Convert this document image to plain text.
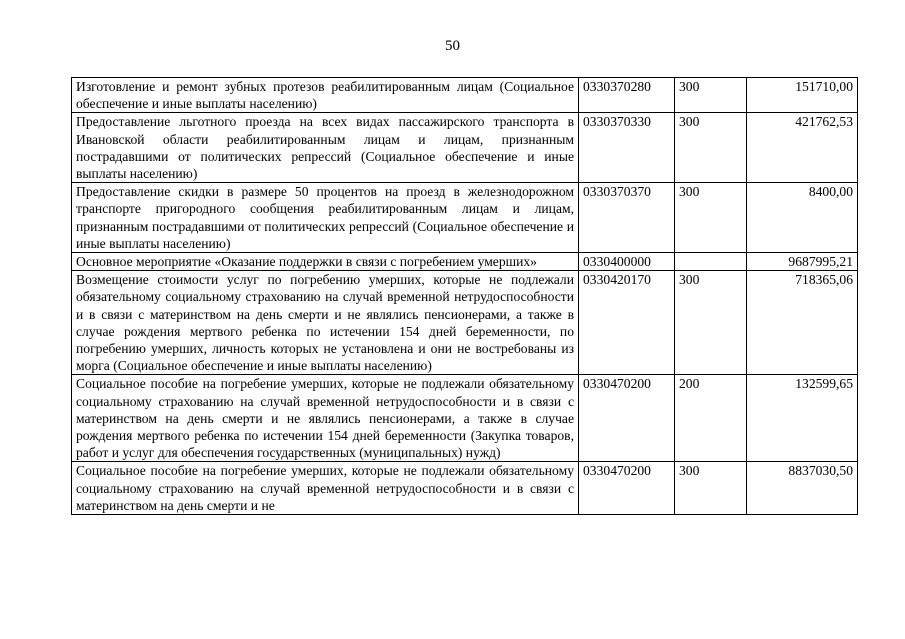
50
Изготовление и ремонт зубных протезов реабилитированным лицам (Социальное обеспечение и иные выплаты населению)	0330370280	300	151710,00
Предоставление льготного проезда на всех видах пассажирского транспорта в Ивановской области реабилитированным лицам и лицам, признанным пострадавшими от политических репрессий (Социальное обеспечение и иные выплаты населению)	0330370330	300	421762,53
Предоставление скидки в размере 50 процентов на проезд в железнодорожном транспорте пригородного сообщения реабилитированным лицам и лицам, признанным пострадавшими от политических репрессий (Социальное обеспечение и иные выплаты населению)	0330370370	300	8400,00
Основное мероприятие «Оказание поддержки в связи с погребением умерших»	0330400000		9687995,21
Возмещение стоимости услуг по погребению умерших, которые не подлежали обязательному социальному страхованию на случай временной нетрудоспособности и в связи с материнством на день смерти и не являлись пенсионерами, а также в случае рождения мертвого ребенка по истечении 154 дней беременности, по погребению умерших, личность которых не установлена и они не востребованы из морга (Социальное обеспечение и иные выплаты населению)	0330420170	300	718365,06
Социальное пособие на погребение умерших, которые не подлежали обязательному социальному страхованию на случай временной нетрудоспособности и в связи с материнством на день смерти и не являлись пенсионерами, а также в случае рождения мертвого ребенка по истечении 154 дней беременности (Закупка товаров, работ и услуг для обеспечения государственных (муниципальных) нужд)	0330470200	200	132599,65
Социальное пособие на погребение умерших, которые не подлежали обязательному социальному страхованию на случай временной нетрудоспособности и в связи с материнством на день смерти и не	0330470200	300	8837030,50
